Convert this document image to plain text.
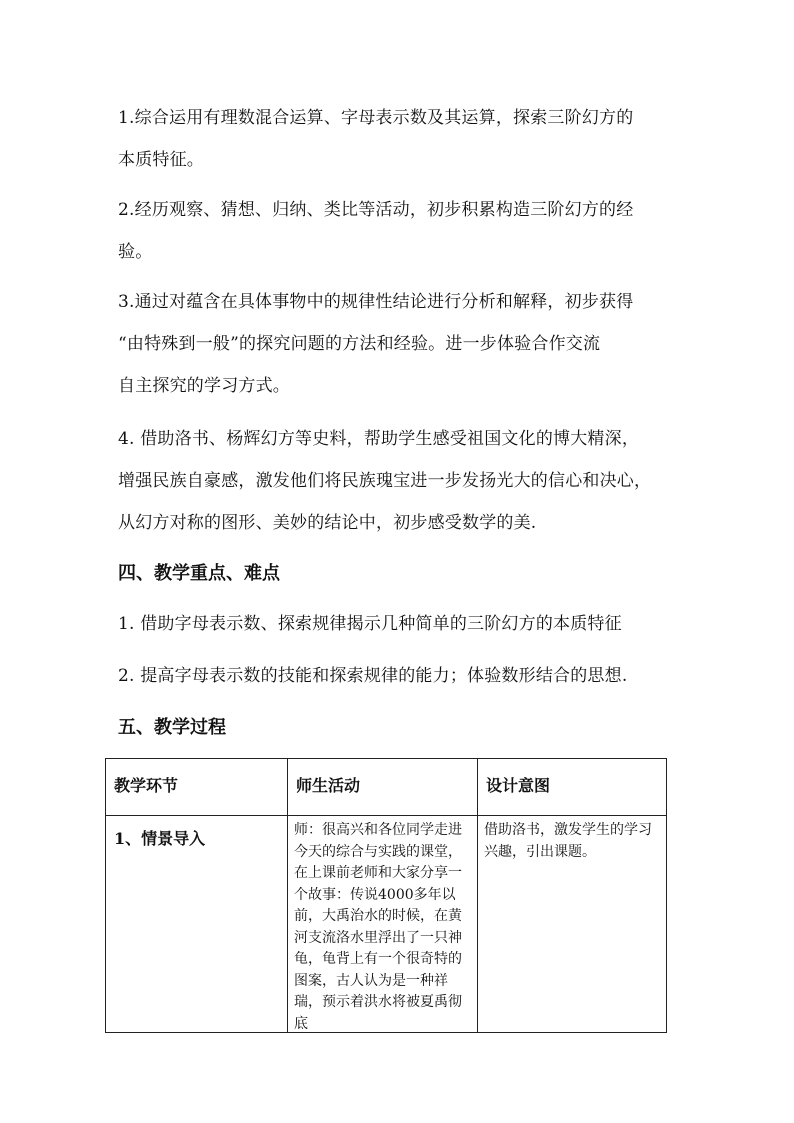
1.综合运用有理数混合运算、字母表示数及其运算，探索三阶幻方的
本质特征。

2.经历观察、猜想、归纳、类比等活动，初步积累构造三阶幻方的经
验。

3.通过对蕴含在具体事物中的规律性结论进行分析和解释，初步获得
“由特殊到一般”的探究问题的方法和经验。进一步体验合作交流
自主探究的学习方式。

4. 借助洛书、杨辉幻方等史料，帮助学生感受祖国文化的博大精深，
增强民族自豪感，激发他们将民族瑰宝进一步发扬光大的信心和决心，
从幻方对称的图形、美妙的结论中，初步感受数学的美.

四、教学重点、难点

1. 借助字母表示数、探索规律揭示几种简单的三阶幻方的本质特征

2. 提高字母表示数的技能和探索规律的能力；体验数形结合的思想.

五、教学过程
教学环节	师生活动	设计意图
1、情景导入	师：很高兴和各位同学走进今天的综合与实践的课堂，在上课前老师和大家分享一个故事：传说4000多年以前，大禹治水的时候，在黄河支流洛水里浮出了一只神龟，龟背上有一个很奇特的图案，古人认为是一种祥瑞，预示着洪水将被夏禹彻底	借助洛书，激发学生的学习兴趣，引出课题。
